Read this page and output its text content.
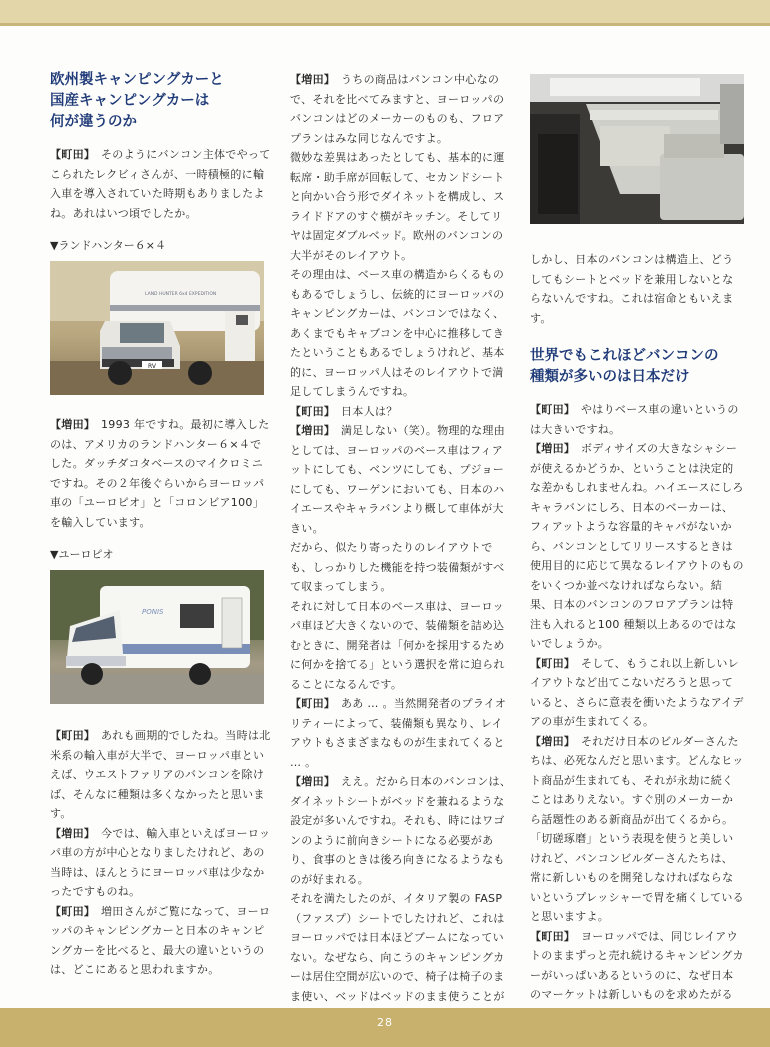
欧州製キャンピングカーと
国産キャンピングカーは
何が違うのか

【町田】　そのようにバンコン主体でやってこられたレクビィさんが、一時積極的に輸入車を導入されていた時期もありましたよね。あれはいつ頃でしたか。

▼ランドハンター６×４
RV
LAND HUNTER 6x4 EXPEDITION

【増田】　1993 年ですね。最初に導入したのは、アメリカのランドハンター６×４でした。ダッチダコタベースのマイクロミニですね。その２年後ぐらいからヨーロッパ車の「ユーロピオ」と「コロンビア100」を輸入しています。

▼ユーロピオ
PONIS

【町田】　あれも画期的でしたね。当時は北米系の輸入車が大半で、ヨーロッパ車といえば、ウエストファリアのバンコンを除けば、そんなに種類は多くなかったと思います。

【増田】　今では、輸入車といえばヨーロッパ車の方が中心となりましたけれど、あの当時は、ほんとうにヨーロッパ車は少なかったですものね。

【町田】　増田さんがご覧になって、ヨーロッパのキャンピングカーと日本のキャンピングカーを比べると、最大の違いというのは、どこにあると思われますか。

【増田】　うちの商品はバンコン中心なので、それを比べてみますと、ヨーロッパのバンコンはどのメーカーのものも、フロアプランはみな同じなんですよ。

微妙な差異はあったとしても、基本的に運転席・助手席が回転して、セカンドシートと向かい合う形でダイネットを構成し、スライドドアのすぐ横がキッチン。そしてリヤは固定ダブルベッド。欧州のバンコンの大半がそのレイアウト。

その理由は、ベース車の構造からくるものもあるでしょうし、伝統的にヨーロッパのキャンピングカーは、バンコンではなく、あくまでもキャブコンを中心に推移してきたということもあるでしょうけれど、基本的に、ヨーロッパ人はそのレイアウトで満足してしまうんですね。

【町田】　日本人は？

【増田】　満足しない（笑）。物理的な理由としては、ヨーロッパのベース車はフィアットにしても、ベンツにしても、プジョーにしても、ワーゲンにおいても、日本のハイエースやキャラバンより概して車体が大きい。

だから、似たり寄ったりのレイアウトでも、しっかりした機能を持つ装備類がすべて収まってしまう。

それに対して日本のベース車は、ヨーロッパ車ほど大きくないので、装備類を詰め込むときに、開発者は「何かを採用するために何かを捨てる」という選択を常に迫られることになるんです。

【町田】　ああ … 。当然開発者のプライオリティーによって、装備類も異なり、レイアウトもさまざまなものが生まれてくると … 。

【増田】　ええ。だから日本のバンコンは、ダイネットシートがベッドを兼ねるような設定が多いんですね。それも、時にはワゴンのように前向きシートになる必要があり、食事のときは後ろ向きになるようなものが好まれる。

それを満たしたのが、イタリア製の FASP（ファスプ）シートでしたけれど、これはヨーロッパでは日本ほどブームになっていない。なぜなら、向こうのキャンピングカーは居住空間が広いので、椅子は椅子のまま使い、ベッドはベッドのまま使うことが

しかし、日本のバンコンは構造上、どうしてもシートとベッドを兼用しないとならないんですね。これは宿命ともいえます。

世界でもこれほどバンコンの
種類が多いのは日本だけ

【町田】　やはりベース車の違いというのは大きいですね。

【増田】　ボディサイズの大きなシャシーが使えるかどうか、ということは決定的な差かもしれませんね。ハイエースにしろキャラバンにしろ、日本のベーカーは、フィアットような容量的キャパがないから、バンコンとしてリリースするときは使用目的に応じて異なるレイアウトのものをいくつか並べなければならない。結果、日本のバンコンのフロアプランは特注も入れると100 種類以上あるのではないでしょうか。

【町田】　そして、もうこれ以上新しいレイアウトなど出てこないだろうと思っていると、さらに意表を衝いたようなアイデアの車が生まれてくる。

【増田】　それだけ日本のビルダーさんたちは、必死なんだと思います。どんなヒット商品が生まれても、それが永劫に続くことはありえない。すぐ別のメーカーから話題性のある新商品が出てくるから。

「切磋琢磨」という表現を使うと美しいけれど、バンコンビルダーさんたちは、常に新しいものを開発しなければならないというプレッシャーで胃を痛くしていると思いますよ。

【町田】　ヨーロッパでは、同じレイアウトのままずっと売れ続けるキャンピングカーがいっぱいあるというのに、なぜ日本のマーケットは新しいものを求めたがる

28
